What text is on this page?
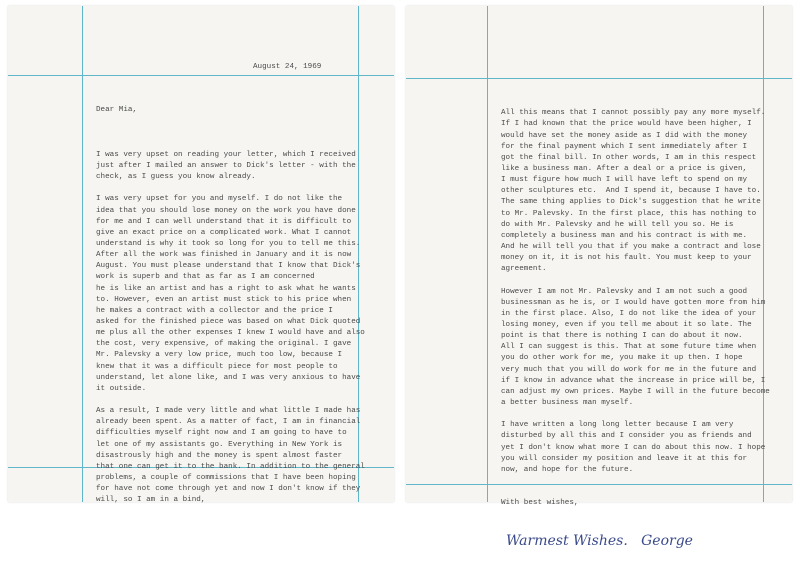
August 24, 1969

Dear Mia,

I was very upset on reading your letter, which I received
just after I mailed an answer to Dick's letter - with the
check, as I guess you know already.
I was very upset for you and myself. I do not like the
idea that you should lose money on the work you have done
for me and I can well understand that it is difficult to
give an exact price on a complicated work. What I cannot
understand is why it took so long for you to tell me this.
After all the work was finished in January and it is now
August. You must please understand that I know that Dick's
work is superb and that as far as I am concerned
he is like an artist and has a right to ask what he wants
to. However, even an artist must stick to his price when
he makes a contract with a collector and the price I
asked for the finished piece was based on what Dick quoted
me plus all the other expenses I knew I would have and also
the cost, very expensive, of making the original. I gave
Mr. Palevsky a very low price, much too low, because I
knew that it was a difficult piece for most people to
understand, let alone like, and I was very anxious to have
it outside.
As a result, I made very little and what little I made has
already been spent. As a matter of fact, I am in financial
difficulties myself right now and I am going to have to
let one of my assistants go. Everything in New York is
disastrously high and the money is spent almost faster
that one can get it to the bank. In addition to the general
problems, a couple of commissions that I have been hoping
for have not come through yet and now I don't know if they
will, so I am in a bind,

All this means that I cannot possibly pay any more myself.
If I had known that the price would have been higher, I
would have set the money aside as I did with the money
for the final payment which I sent immediately after I
got the final bill. In other words, I am in this respect
like a business man. After a deal or a price is given,
I must figure how much I will have left to spend on my
other sculptures etc.  And I spend it, because I have to.
The same thing applies to Dick's suggestion that he write
to Mr. Palevsky. In the first place, this has nothing to
do with Mr. Palevsky and he will tell you so. He is
completely a business man and his contract is with me.
And he will tell you that if you make a contract and lose
money on it, it is not his fault. You must keep to your
agreement.
However I am not Mr. Palevsky and I am not such a good
businessman as he is, or I would have gotten more from him
in the first place. Also, I do not like the idea of your
losing money, even if you tell me about it so late. The
point is that there is nothing I can do about it now.
All I can suggest is this. That at some future time when
you do other work for me, you make it up then. I hope
very much that you will do work for me in the future and
if I know in advance what the increase in price will be, I
can adjust my own prices. Maybe I will in the future become
a better business man myself.
I have written a long long letter because I am very
disturbed by all this and I consider you as friends and
yet I don't know what more I can do about this now. I hope
you will consider my position and leave it at this for
now, and hope for the future.

With best wishes,

Warmest Wishes.   George
